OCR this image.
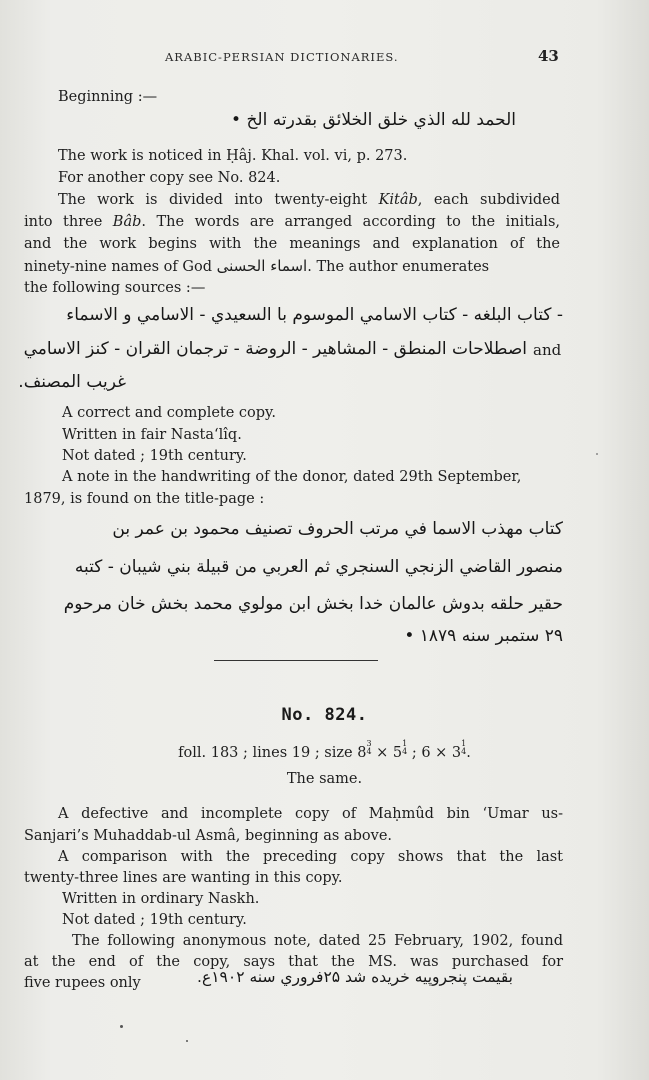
ARABIC-PERSIAN DICTIONARIES.	43
Beginning :—
الحمد لله الذي خلق الخلائق بقدرته الخ •
The work is noticed in Ḥâj. Khal. vol. vi, p. 273.
For another copy see No. 824.
The work is divided into twenty-eight Kitâb, each subdivided
into three Bâb. The words are arranged according to the initials,
and the work begins with the meanings and explanation of the
ninety-nine names of God اسماء الحسنى. The author enumerates
the following sources :—
- كتاب البلغه - كتاب الاسامي الموسوم با السعيدي - الاسامي و الاسماء
and
اصطلاحات المنطق - المشاهير - الروضة - ترجمان القران - كنز الاسامي
غريب المصنف.
A correct and complete copy.
Written in fair Nasta‘lîq.
Not dated ; 19th century.
A note in the handwriting of the donor, dated 29th September,
1879, is found on the title-page :
كتاب مهذب الاسما في مرتب الحروف تصنيف محمود بن عمر بن
منصور القاضي الزنجي السنجري ثم العربي من قبيلة بني شيبان - كتبه
حقير حلقه بدوش عالمان خدا بخش ابن مولوي محمد بخش خان مرحوم
۲۹ ستمبر سنه ۱۸۷۹ •
No. 824.
foll. 183 ; lines 19 ; size 8
3
4 × 5
1
4 ; 6 × 3
1
4 .
The same.
A defective and incomplete copy of Maḥmûd bin ‘Umar us-
Sanjari’s Muhaddab-ul Asmâ, beginning as above.
A comparison with the preceding copy shows that the last
twenty-three lines are wanting in this copy.
Written in ordinary Naskh.
Not dated ; 19th century.
The following anonymous note, dated 25 February, 1902, found
at the end of the copy, says that the MS. was purchased for
five rupees only	بقيمت پنجروپيه خريده شد ۲۵فروري سنه ۱۹۰۲ع.
